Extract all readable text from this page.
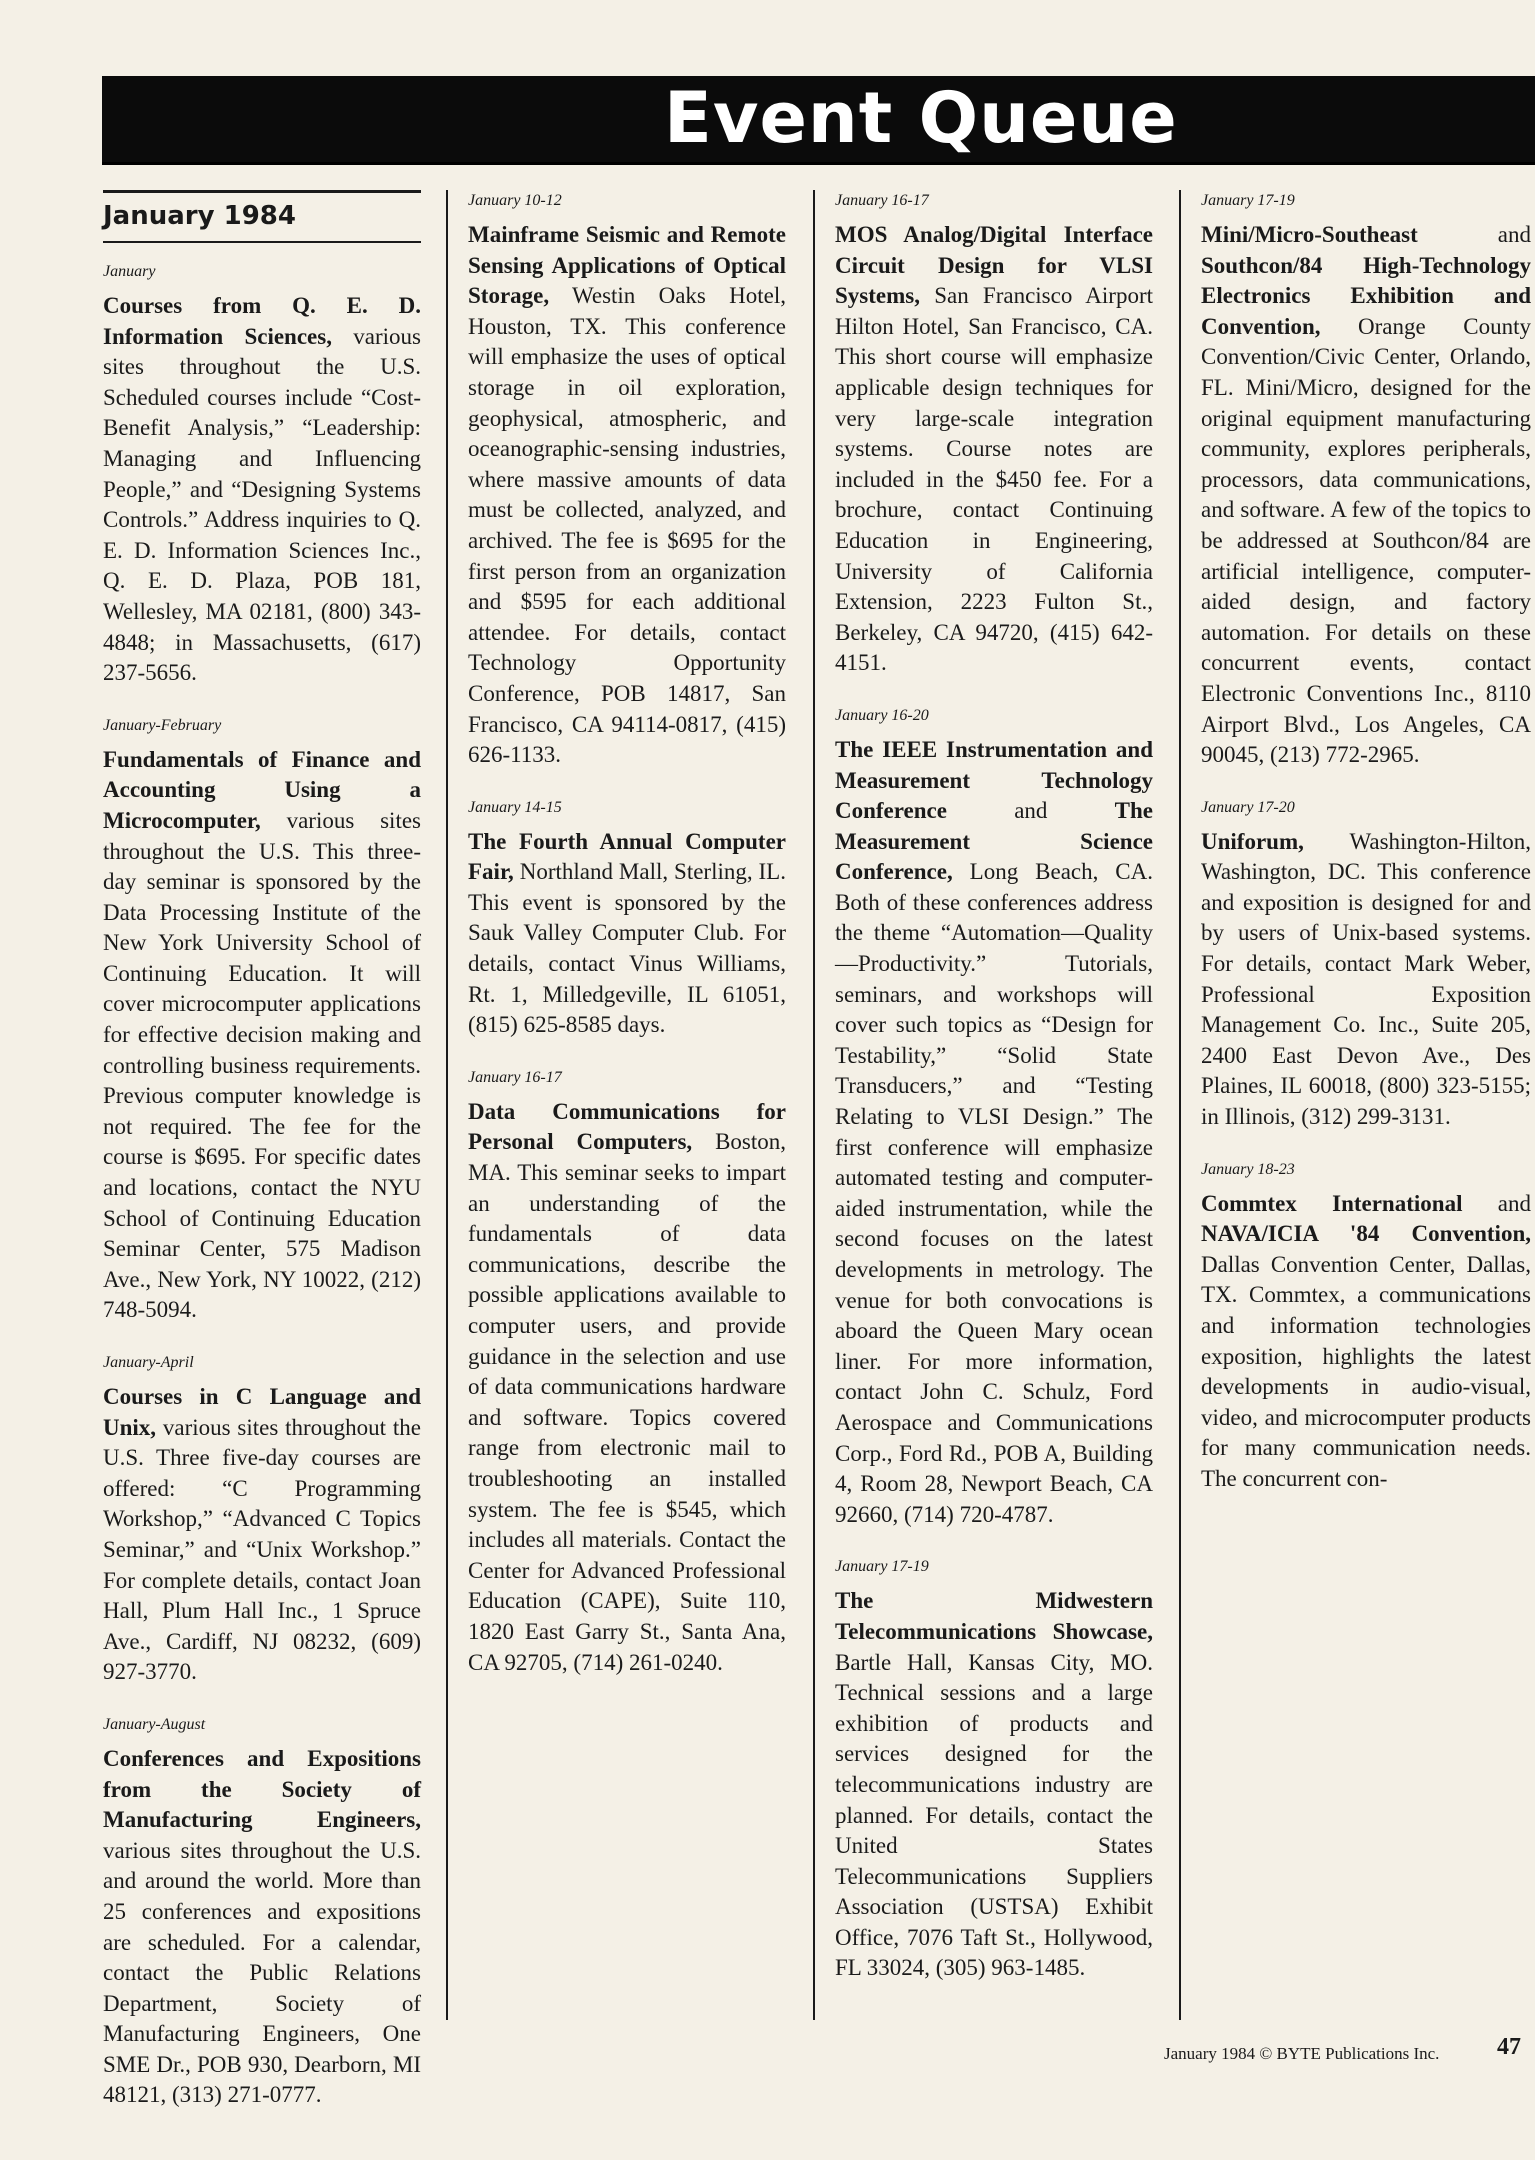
Event Queue
January 1984
January
Courses from Q. E. D. Information Sciences, various sites throughout the U.S. Scheduled courses include “Cost-Benefit Analysis,” “Leadership: Managing and Influencing People,” and “Designing Systems Controls.” Address inquiries to Q. E. D. Information Sciences Inc., Q. E. D. Plaza, POB 181, Wellesley, MA 02181, (800) 343-4848; in Massachusetts, (617) 237-5656.
January-February
Fundamentals of Finance and Accounting Using a Microcomputer, various sites throughout the U.S. This three-day seminar is sponsored by the Data Processing Institute of the New York University School of Continuing Education. It will cover microcomputer applications for effective decision making and controlling business requirements. Previous computer knowledge is not required. The fee for the course is $695. For specific dates and locations, contact the NYU School of Continuing Education Seminar Center, 575 Madison Ave., New York, NY 10022, (212) 748-5094.
January-April
Courses in C Language and Unix, various sites throughout the U.S. Three five-day courses are offered: “C Programming Workshop,” “Advanced C Topics Seminar,” and “Unix Workshop.” For complete details, contact Joan Hall, Plum Hall Inc., 1 Spruce Ave., Cardiff, NJ 08232, (609) 927-3770.
January-August
Conferences and Expositions from the Society of Manufacturing Engineers, various sites throughout the U.S. and around the world. More than 25 conferences and expositions are scheduled. For a calendar, contact the Public Relations Department, Society of Manufacturing Engineers, One SME Dr., POB 930, Dearborn, MI 48121, (313) 271-0777.
January 10-12
Mainframe Seismic and Remote Sensing Applications of Optical Storage, Westin Oaks Hotel, Houston, TX. This conference will emphasize the uses of optical storage in oil exploration, geophysical, atmospheric, and oceanographic-sensing industries, where massive amounts of data must be collected, analyzed, and archived. The fee is $695 for the first person from an organization and $595 for each additional attendee. For details, contact Technology Opportunity Conference, POB 14817, San Francisco, CA 94114-0817, (415) 626-1133.
January 14-15
The Fourth Annual Computer Fair, Northland Mall, Sterling, IL. This event is sponsored by the Sauk Valley Computer Club. For details, contact Vinus Williams, Rt. 1, Milledgeville, IL 61051, (815) 625-8585 days.
January 16-17
Data Communications for Personal Computers, Boston, MA. This seminar seeks to impart an understanding of the fundamentals of data communications, describe the possible applications available to computer users, and provide guidance in the selection and use of data communications hardware and software. Topics covered range from electronic mail to troubleshooting an installed system. The fee is $545, which includes all materials. Contact the Center for Advanced Professional Education (CAPE), Suite 110, 1820 East Garry St., Santa Ana, CA 92705, (714) 261-0240.
January 16-17
MOS Analog/Digital Interface Circuit Design for VLSI Systems, San Francisco Airport Hilton Hotel, San Francisco, CA. This short course will emphasize applicable design techniques for very large-scale integration systems. Course notes are included in the $450 fee. For a brochure, contact Continuing Education in Engineering, University of California Extension, 2223 Fulton St., Berkeley, CA 94720, (415) 642-4151.
January 16-20
The IEEE Instrumentation and Measurement Technology Conference and The Measurement Science Conference, Long Beach, CA. Both of these conferences address the theme “Automation—Quality—Productivity.” Tutorials, seminars, and workshops will cover such topics as “Design for Testability,” “Solid State Transducers,” and “Testing Relating to VLSI Design.” The first conference will emphasize automated testing and computer-aided instrumentation, while the second focuses on the latest developments in metrology. The venue for both convocations is aboard the Queen Mary ocean liner. For more information, contact John C. Schulz, Ford Aerospace and Communications Corp., Ford Rd., POB A, Building 4, Room 28, Newport Beach, CA 92660, (714) 720-4787.
January 17-19
The Midwestern Telecommunications Showcase, Bartle Hall, Kansas City, MO. Technical sessions and a large exhibition of products and services designed for the telecommunications industry are planned. For details, contact the United States Telecommunications Suppliers Association (USTSA) Exhibit Office, 7076 Taft St., Hollywood, FL 33024, (305) 963-1485.
January 17-19
Mini/Micro-Southeast and Southcon/84 High-Technology Electronics Exhibition and Convention, Orange County Convention/Civic Center, Orlando, FL. Mini/Micro, designed for the original equipment manufacturing community, explores peripherals, processors, data communications, and software. A few of the topics to be addressed at Southcon/84 are artificial intelligence, computer-aided design, and factory automation. For details on these concurrent events, contact Electronic Conventions Inc., 8110 Airport Blvd., Los Angeles, CA 90045, (213) 772-2965.
January 17-20
Uniforum, Washington-Hilton, Washington, DC. This conference and exposition is designed for and by users of Unix-based systems. For details, contact Mark Weber, Professional Exposition Management Co. Inc., Suite 205, 2400 East Devon Ave., Des Plaines, IL 60018, (800) 323-5155; in Illinois, (312) 299-3131.
January 18-23
Commtex International and NAVA/ICIA '84 Convention, Dallas Convention Center, Dallas, TX. Commtex, a communications and information technologies exposition, highlights the latest developments in audio-visual, video, and microcomputer products for many communication needs. The concurrent con-
January 1984 © BYTE Publications Inc. 47
